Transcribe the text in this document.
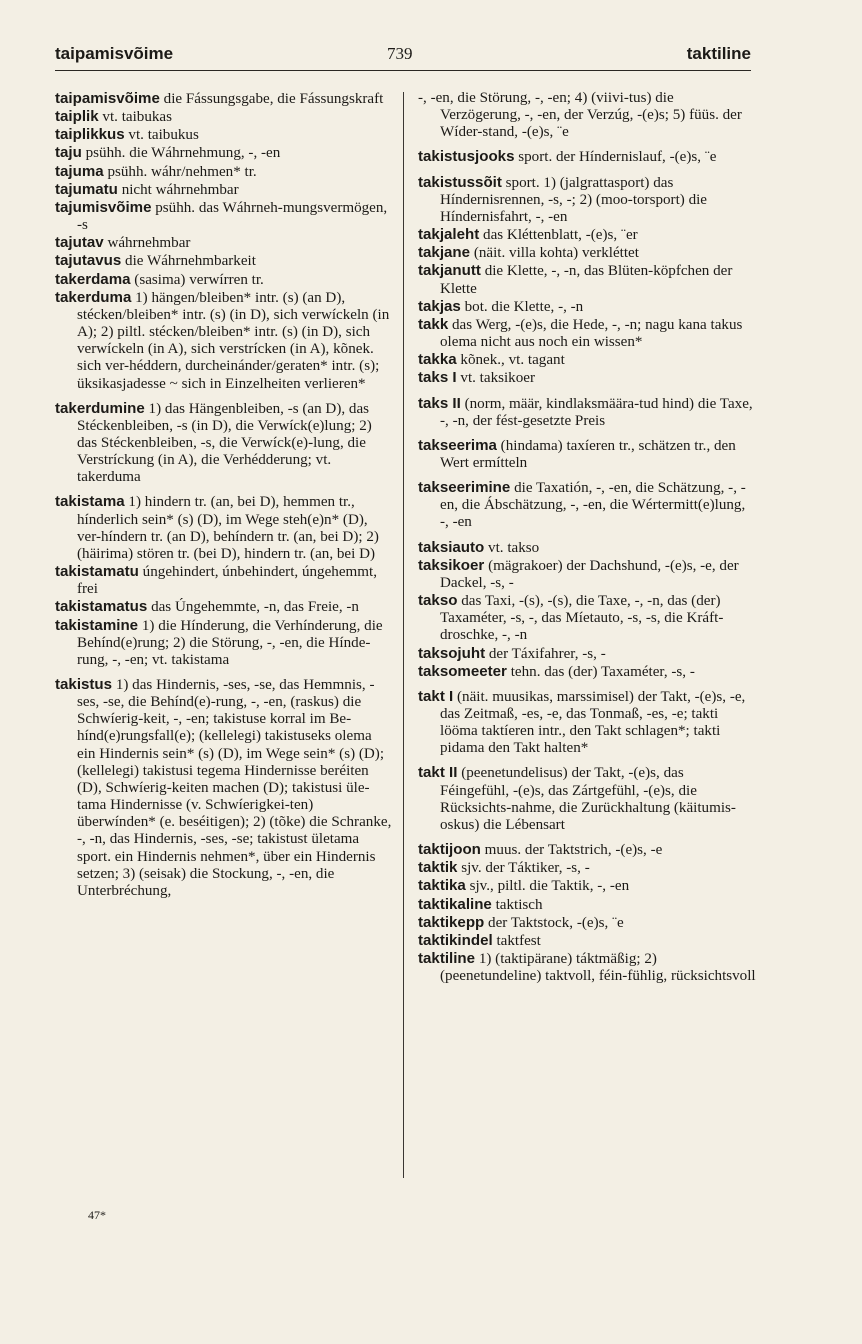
taipamisvõime	739	taktiline

taipamisvõime die Fássungsgabe, die Fássungskraft

taiplik vt. taibukas

taiplikkus vt. taibukus

taju psühh. die Wáhrnehmung, -, -en

tajuma psühh. wáhr/nehmen* tr.

tajumatu nicht wáhrnehmbar

tajumisvõime psühh. das Wáhrneh-mungsvermögen, -s

tajutav wáhrnehmbar

tajutavus die Wáhrnehmbarkeit

takerdama (sasima) verwírren tr.

takerduma 1) hängen/bleiben* intr. (s) (an D), stécken/bleiben* intr. (s) (in D), sich verwíckeln (in A); 2) piltl. stécken/bleiben* intr. (s) (in D), sich verwíckeln (in A), sich verstrícken (in A), kõnek. sich ver-héddern, durcheinánder/geraten* intr. (s); üksikasjadesse ~ sich in Einzelheiten verlieren*

takerdumine 1) das Hängenbleiben, -s (an D), das Stéckenbleiben, -s (in D), die Verwíck(e)lung; 2) das Stéckenbleiben, -s, die Verwíck(e)-lung, die Verstríckung (in A), die Verhédderung; vt. takerduma

takistama 1) hindern tr. (an, bei D), hemmen tr., hínderlich sein* (s) (D), im Wege steh(e)n* (D), ver-híndern tr. (an D), behíndern tr. (an, bei D); 2) (häirima) stören tr. (bei D), hindern tr. (an, bei D)

takistamatu úngehindert, únbehindert, úngehemmt, frei

takistamatus das Úngehemmte, -n, das Freie, -n

takistamine 1) die Hínderung, die Verhínderung, die Behínd(e)rung; 2) die Störung, -, -en, die Hínde-rung, -, -en; vt. takistama

takistus 1) das Hindernis, -ses, -se, das Hemmnis, -ses, -se, die Behínd(e)-rung, -, -en, (raskus) die Schwíerig-keit, -, -en; takistuse korral im Be-hínd(e)rungsfall(e); (kellelegi) takistuseks olema ein Hindernis sein* (s) (D), im Wege sein* (s) (D); (kellelegi) takistusi tegema Hindernisse beréiten (D), Schwíerig-keiten machen (D); takistusi üle-tama Hindernisse (v. Schwíerigkei-ten) überwínden* (e. beséitigen); 2) (tõke) die Schranke, -, -n, das Hindernis, -ses, -se; takistust ületama sport. ein Hindernis nehmen*, über ein Hindernis setzen; 3) (seisak) die Stockung, -, -en, die Unterbréchung,

-, -en, die Störung, -, -en; 4) (viivi-tus) die Verzögerung, -, -en, der Verzúg, -(e)s; 5) füüs. der Wíder-stand, -(e)s, ¨e

takistusjooks sport. der Híndernislauf, -(e)s, ¨e

takistussõit sport. 1) (jalgrattasport) das Híndernisrennen, -s, -; 2) (moo-torsport) die Híndernisfahrt, -, -en

takjaleht das Kléttenblatt, -(e)s, ¨er

takjane (näit. villa kohta) verkléttet

takjanutt die Klette, -, -n, das Blüten-köpfchen der Klette

takjas bot. die Klette, -, -n

takk das Werg, -(e)s, die Hede, -, -n; nagu kana takus olema nicht aus noch ein wissen*

takka kõnek., vt. tagant

taks I vt. taksikoer

taks II (norm, määr, kindlaksmäära-tud hind) die Taxe, -, -n, der fést-gesetzte Preis

takseerima (hindama) taxíeren tr., schätzen tr., den Wert ermítteln

takseerimine die Taxatión, -, -en, die Schätzung, -, -en, die Ábschätzung, -, -en, die Wértermitt(e)lung, -, -en

taksiauto vt. takso

taksikoer (mägrakoer) der Dachshund, -(e)s, -e, der Dackel, -s, -

takso das Taxi, -(s), -(s), die Taxe, -, -n, das (der) Taxaméter, -s, -, das Míetauto, -s, -s, die Kráft-droschke, -, -n

taksojuht der Táxifahrer, -s, -

taksomeeter tehn. das (der) Taxaméter, -s, -

takt I (näit. muusikas, marssimisel) der Takt, -(e)s, -e, das Zeitmaß, -es, -e, das Tonmaß, -es, -e; takti lööma taktíeren intr., den Takt schlagen*; takti pidama den Takt halten*

takt II (peenetundelisus) der Takt, -(e)s, das Féingefühl, -(e)s, das Zártgefühl, -(e)s, die Rücksichts-nahme, die Zurückhaltung (käitumis-oskus) die Lébensart

taktijoon muus. der Taktstrich, -(e)s, -e

taktik sjv. der Táktiker, -s, -

taktika sjv., piltl. die Taktik, -, -en

taktikaline taktisch

taktikepp der Taktstock, -(e)s, ¨e

taktikindel taktfest

taktiline 1) (taktipärane) táktmäßig; 2) (peenetundeline) taktvoll, féin-fühlig, rücksichtsvoll

47*
